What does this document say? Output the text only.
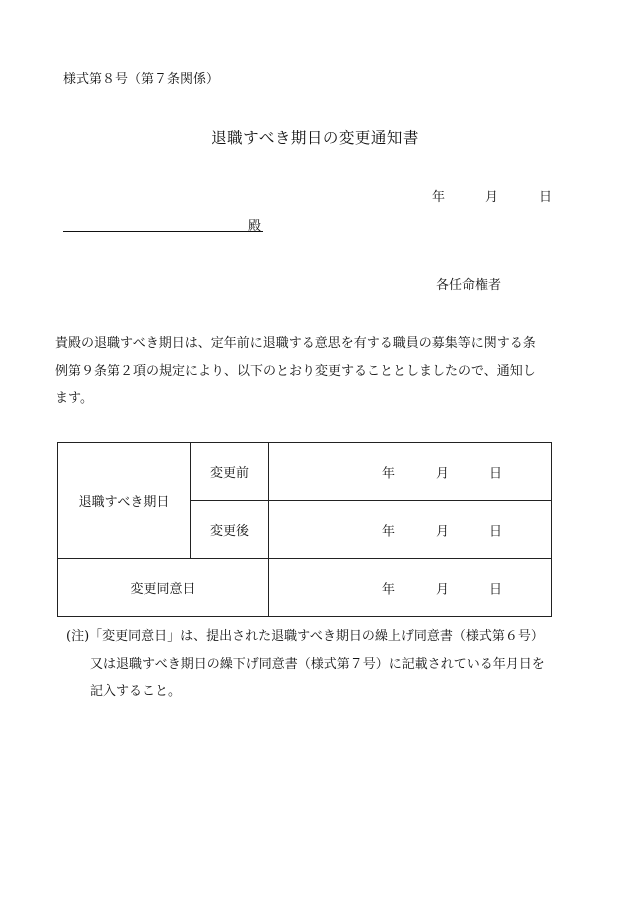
様式第８号（第７条関係）
退職すべき期日の変更通知書
年	月	日
殿
各任命権者

貴殿の退職すべき期日は、定年前に退職する意思を有する職員の募集等に関する条

例第９条第２項の規定により、以下のとおり変更することとしましたので、通知し

ます。

退職すべき期日	変更前	年 月 日

	変更後	年 月 日

変更同意日		年 月 日

(注)「変更同意日」は、提出された退職すべき期日の繰上げ同意書（様式第６号）

又は退職すべき期日の繰下げ同意書（様式第７号）に記載されている年月日を

記入すること。
